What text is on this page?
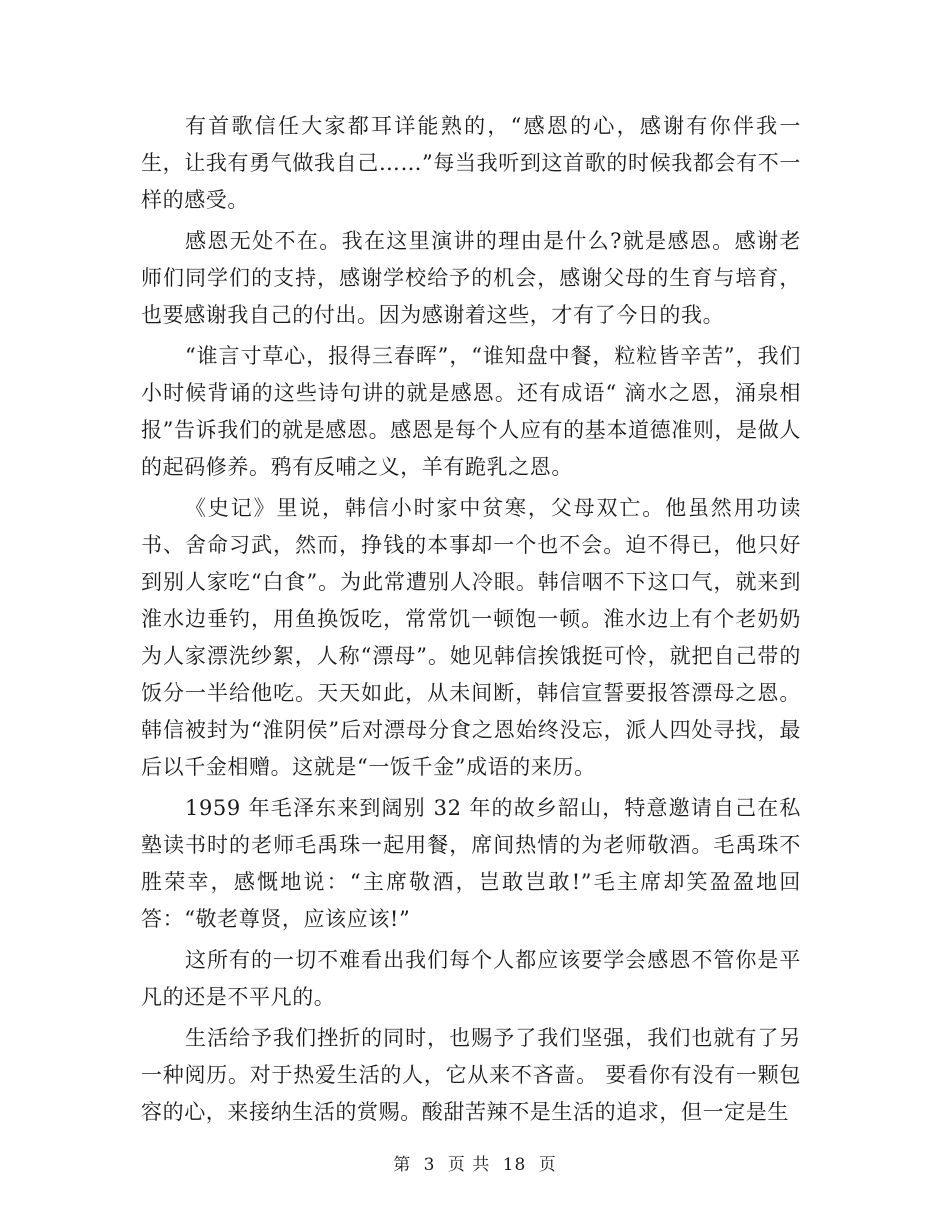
有首歌信任大家都耳详能熟的，“感恩的心，感谢有你伴我一生，让我有勇气做我自己……”每当我听到这首歌的时候我都会有不一样的感受。

感恩无处不在。我在这里演讲的理由是什么?就是感恩。感谢老师们同学们的支持，感谢学校给予的机会，感谢父母的生育与培育，也要感谢我自己的付出。因为感谢着这些，才有了今日的我。

“谁言寸草心，报得三春晖”，“谁知盘中餐，粒粒皆辛苦”，我们小时候背诵的这些诗句讲的就是感恩。还有成语“ 滴水之恩，涌泉相报”告诉我们的就是感恩。感恩是每个人应有的基本道德准则，是做人的起码修养。鸦有反哺之义，羊有跪乳之恩。

《史记》里说，韩信小时家中贫寒，父母双亡。他虽然用功读书、舍命习武，然而，挣钱的本事却一个也不会。迫不得已，他只好到别人家吃“白食”。为此常遭别人冷眼。韩信咽不下这口气，就来到淮水边垂钓，用鱼换饭吃，常常饥一顿饱一顿。淮水边上有个老奶奶为人家漂洗纱絮，人称“漂母”。她见韩信挨饿挺可怜，就把自己带的饭分一半给他吃。天天如此，从未间断，韩信宣誓要报答漂母之恩。韩信被封为“淮阴侯”后对漂母分食之恩始终没忘，派人四处寻找，最后以千金相赠。这就是“一饭千金”成语的来历。

1959 年毛泽东来到阔别 32 年的故乡韶山，特意邀请自己在私塾读书时的老师毛禹珠一起用餐，席间热情的为老师敬酒。毛禹珠不胜荣幸，感慨地说：“主席敬酒，岂敢岂敢!”毛主席却笑盈盈地回答：“敬老尊贤，应该应该!”

这所有的一切不难看出我们每个人都应该要学会感恩不管你是平凡的还是不平凡的。

生活给予我们挫折的同时，也赐予了我们坚强，我们也就有了另一种阅历。对于热爱生活的人，它从来不吝啬。 要看你有没有一颗包容的心，来接纳生活的赏赐。酸甜苦辣不是生活的追求，但一定是生

第 3 页 共 18 页
